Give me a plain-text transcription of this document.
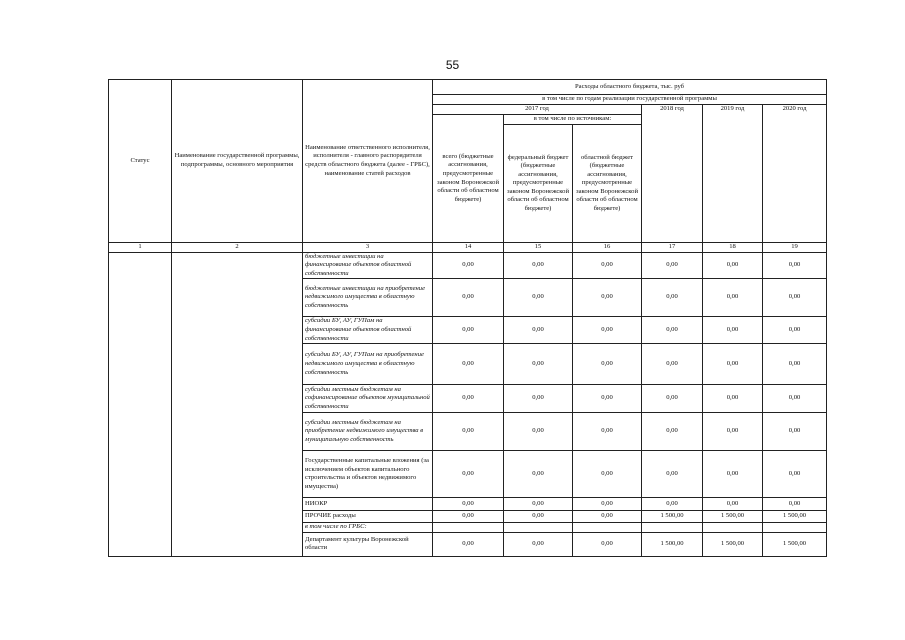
55
Статус	Наименование государственной программы, подпрограммы, основного мероприятия	Наименование ответственного исполнителя, исполнителя - главного распорядителя средств областного бюджета (далее - ГРБС), наименование статей расходов	Расходы областного бюджета, тыс. руб					
			в том числе по годам реализации государственной программы					
			2017 год			2018 год	2019 год	2020 год
			всего (бюджетные ассигнования, предусмотренные законом Воронежской области об областном бюджете)	в том числе по источникам:				
				федеральный бюджет (бюджетные ассигнования, предусмотренные законом Воронежской области об областном бюджете)	областной бюджет (бюджетные ассигнования, предусмотренные законом Воронежской области об областном бюджете)			
1	2	3	14	15	16	17	18	19
		бюджетные инвестиции на финансирование объектов областной собственности	0,00	0,00	0,00	0,00	0,00	0,00
		бюджетные инвестиции на приобретение недвижимого имущества в областную собственность	0,00	0,00	0,00	0,00	0,00	0,00
		субсидии БУ, АУ, ГУПам на финансирование объектов областной собственности	0,00	0,00	0,00	0,00	0,00	0,00
		субсидии БУ, АУ, ГУПам на приобретение недвижимого имущества в областную собственность	0,00	0,00	0,00	0,00	0,00	0,00
		субсидии местным бюджетам на софинансирование объектов муниципальной собственности	0,00	0,00	0,00	0,00	0,00	0,00
		субсидии местным бюджетам на приобретение недвижимого имущества в муниципальную собственность	0,00	0,00	0,00	0,00	0,00	0,00
		Государственные капитальные вложения (за исключением объектов капитального строительства и объектов недвижимого имущества)	0,00	0,00	0,00	0,00	0,00	0,00
		НИОКР	0,00	0,00	0,00	0,00	0,00	0,00
		ПРОЧИЕ расходы	0,00	0,00	0,00	1 500,00	1 500,00	1 500,00
		в том числе по ГРБС:						
		Департамент культуры Воронежской области	0,00	0,00	0,00	1 500,00	1 500,00	1 500,00
